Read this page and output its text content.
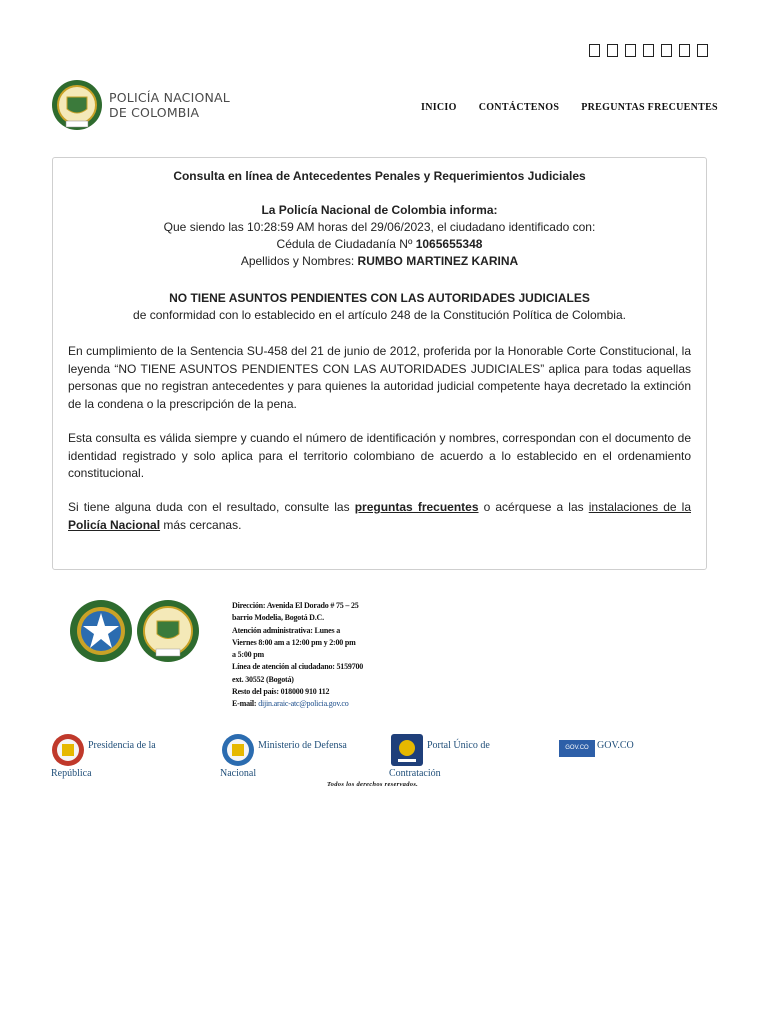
POLICÍA NACIONAL
DE COLOMBIA	INICIO CONTÁCTENOS PREGUNTAS FRECUENTES
Consulta en línea de Antecedentes Penales y Requerimientos Judiciales
La Policía Nacional de Colombia informa:
Que siendo las 10:28:59 AM horas del 29/06/2023, el ciudadano identificado con:
Cédula de Ciudadanía Nº 1065655348
Apellidos y Nombres: RUMBO MARTINEZ KARINA
NO TIENE ASUNTOS PENDIENTES CON LAS AUTORIDADES JUDICIALES
de conformidad con lo establecido en el artículo 248 de la Constitución Política de Colombia.
En cumplimiento de la Sentencia SU-458 del 21 de junio de 2012, proferida por la Honorable Corte Constitucional, la leyenda “NO TIENE ASUNTOS PENDIENTES CON LAS AUTORIDADES JUDICIALES” aplica para todas aquellas personas que no registran antecedentes y para quienes la autoridad judicial competente haya decretado la extinción de la condena o la prescripción de la pena.
Esta consulta es válida siempre y cuando el número de identificación y nombres, correspondan con el documento de identidad registrado y solo aplica para el territorio colombiano de acuerdo a lo establecido en el ordenamiento constitucional.
Si tiene alguna duda con el resultado, consulte las preguntas frecuentes o acérquese a las instalaciones de la Policía Nacional más cercanas.
Dirección: Avenida El Dorado # 75 – 25
barrio Modelia, Bogotá D.C.
Atención administrativa: Lunes a
Viernes 8:00 am a 12:00 pm y 2:00 pm
a 5:00 pm
Línea de atención al ciudadano: 5159700
ext. 30552 (Bogotá)
Resto del país: 018000 910 112
E-mail: dijin.araic-atc@policia.gov.co
Presidencia de la
República
Ministerio de Defensa
Nacional
Portal Único de
Contratación
GOV.CO GOV.CO
Todos los derechos reservados.
